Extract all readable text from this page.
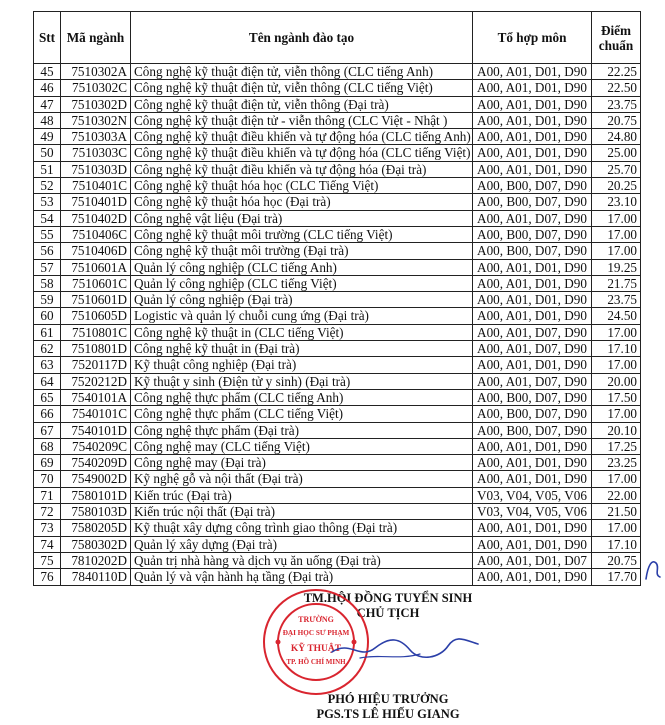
Stt	Mã ngành	Tên ngành đào tạo	Tổ hợp môn	Điểm chuẩn
45	7510302A	Công nghệ kỹ thuật điện tử, viễn thông (CLC tiếng Anh)	A00, A01, D01, D90	22.25
46	7510302C	Công nghệ kỹ thuật điện tử, viễn thông (CLC tiếng Việt)	A00, A01, D01, D90	22.50
47	7510302D	Công nghệ kỹ thuật điện tử, viễn thông (Đại trà)	A00, A01, D01, D90	23.75
48	7510302N	Công nghệ kỹ thuật điện tử - viễn thông (CLC Việt - Nhật )	A00, A01, D01, D90	20.75
49	7510303A	Công nghệ kỹ thuật điều khiển và tự động hóa (CLC tiếng Anh)	A00, A01, D01, D90	24.80
50	7510303C	Công nghệ kỹ thuật điều khiển và tự động hóa (CLC tiếng Việt)	A00, A01, D01, D90	25.00
51	7510303D	Công nghệ kỹ thuật điều khiển và tự động hóa (Đại trà)	A00, A01, D01, D90	25.70
52	7510401C	Công nghệ kỹ thuật hóa học (CLC Tiếng Việt)	A00, B00, D07, D90	20.25
53	7510401D	Công nghệ kỹ thuật hóa học (Đại trà)	A00, B00, D07, D90	23.10
54	7510402D	Công nghệ vật liệu (Đại trà)	A00, A01, D07, D90	17.00
55	7510406C	Công nghệ kỹ thuật môi trường (CLC tiếng Việt)	A00, B00, D07, D90	17.00
56	7510406D	Công nghệ kỹ thuật môi trường (Đại trà)	A00, B00, D07, D90	17.00
57	7510601A	Quản lý công nghiệp (CLC tiếng Anh)	A00, A01, D01, D90	19.25
58	7510601C	Quản lý công nghiệp (CLC tiếng Việt)	A00, A01, D01, D90	21.75
59	7510601D	Quản lý công nghiệp (Đại trà)	A00, A01, D01, D90	23.75
60	7510605D	Logistic và quản lý chuỗi cung ứng (Đại trà)	A00, A01, D01, D90	24.50
61	7510801C	Công nghệ kỹ thuật in (CLC tiếng Việt)	A00, A01, D07, D90	17.00
62	7510801D	Công nghệ kỹ thuật in (Đại trà)	A00, A01, D07, D90	17.10
63	7520117D	Kỹ thuật công nghiệp (Đại trà)	A00, A01, D01, D90	17.00
64	7520212D	Kỹ thuật y sinh (Điện tử y sinh) (Đại trà)	A00, A01, D07, D90	20.00
65	7540101A	Công nghệ thực phẩm (CLC tiếng Anh)	A00, B00, D07, D90	17.50
66	7540101C	Công nghệ thực phẩm (CLC tiếng Việt)	A00, B00, D07, D90	17.00
67	7540101D	Công nghệ thực phẩm (Đại trà)	A00, B00, D07, D90	20.10
68	7540209C	Công nghệ may (CLC tiếng Việt)	A00, A01, D01, D90	17.25
69	7540209D	Công nghệ may (Đại trà)	A00, A01, D01, D90	23.25
70	7549002D	Kỹ nghệ gỗ và nội thất (Đại trà)	A00, A01, D01, D90	17.00
71	7580101D	Kiến trúc (Đại trà)	V03, V04, V05, V06	22.00
72	7580103D	Kiến trúc nội thất (Đại trà)	V03, V04, V05, V06	21.50
73	7580205D	Kỹ thuật xây dựng công trình giao thông (Đại trà)	A00, A01, D01, D90	17.00
74	7580302D	Quản lý xây dựng (Đại trà)	A00, A01, D01, D90	17.10
75	7810202D	Quản trị nhà hàng và dịch vụ ăn uống (Đại trà)	A00, A01, D01, D07	20.75
76	7840110D	Quản lý và vận hành hạ tầng (Đại trà)	A00, A01, D01, D90	17.70
TM.HỘI ĐỒNG TUYỂN SINH
CHỦ TỊCH
TRƯỜNG
ĐẠI HỌC SƯ PHẠM
KỸ THUẬT
TP. HỒ CHÍ MINH
PHÓ HIỆU TRƯỞNG
PGS.TS LÊ HIẾU GIANG
